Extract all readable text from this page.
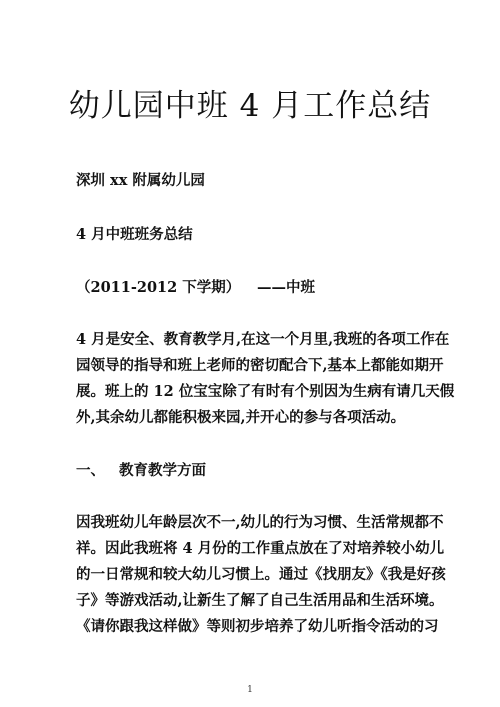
幼儿园中班 4 月工作总结
深圳 xx 附属幼儿园
4 月中班班务总结
（2011-2012 下学期） ——中班
4 月是安全、教育教学月,在这一个月里,我班的各项工作在
园领导的指导和班上老师的密切配合下,基本上都能如期开
展。班上的 12 位宝宝除了有时有个别因为生病有请几天假
外,其余幼儿都能积极来园,并开心的参与各项活动。
一、 教育教学方面
因我班幼儿年龄层次不一,幼儿的行为习惯、生活常规都不
祥。因此我班将 4 月份的工作重点放在了对培养较小幼儿
的一日常规和较大幼儿习惯上。通过《找朋友》《我是好孩
子》等游戏活动,让新生了解了自己生活用品和生活环境。
《请你跟我这样做》等则初步培养了幼儿听指令活动的习
1
